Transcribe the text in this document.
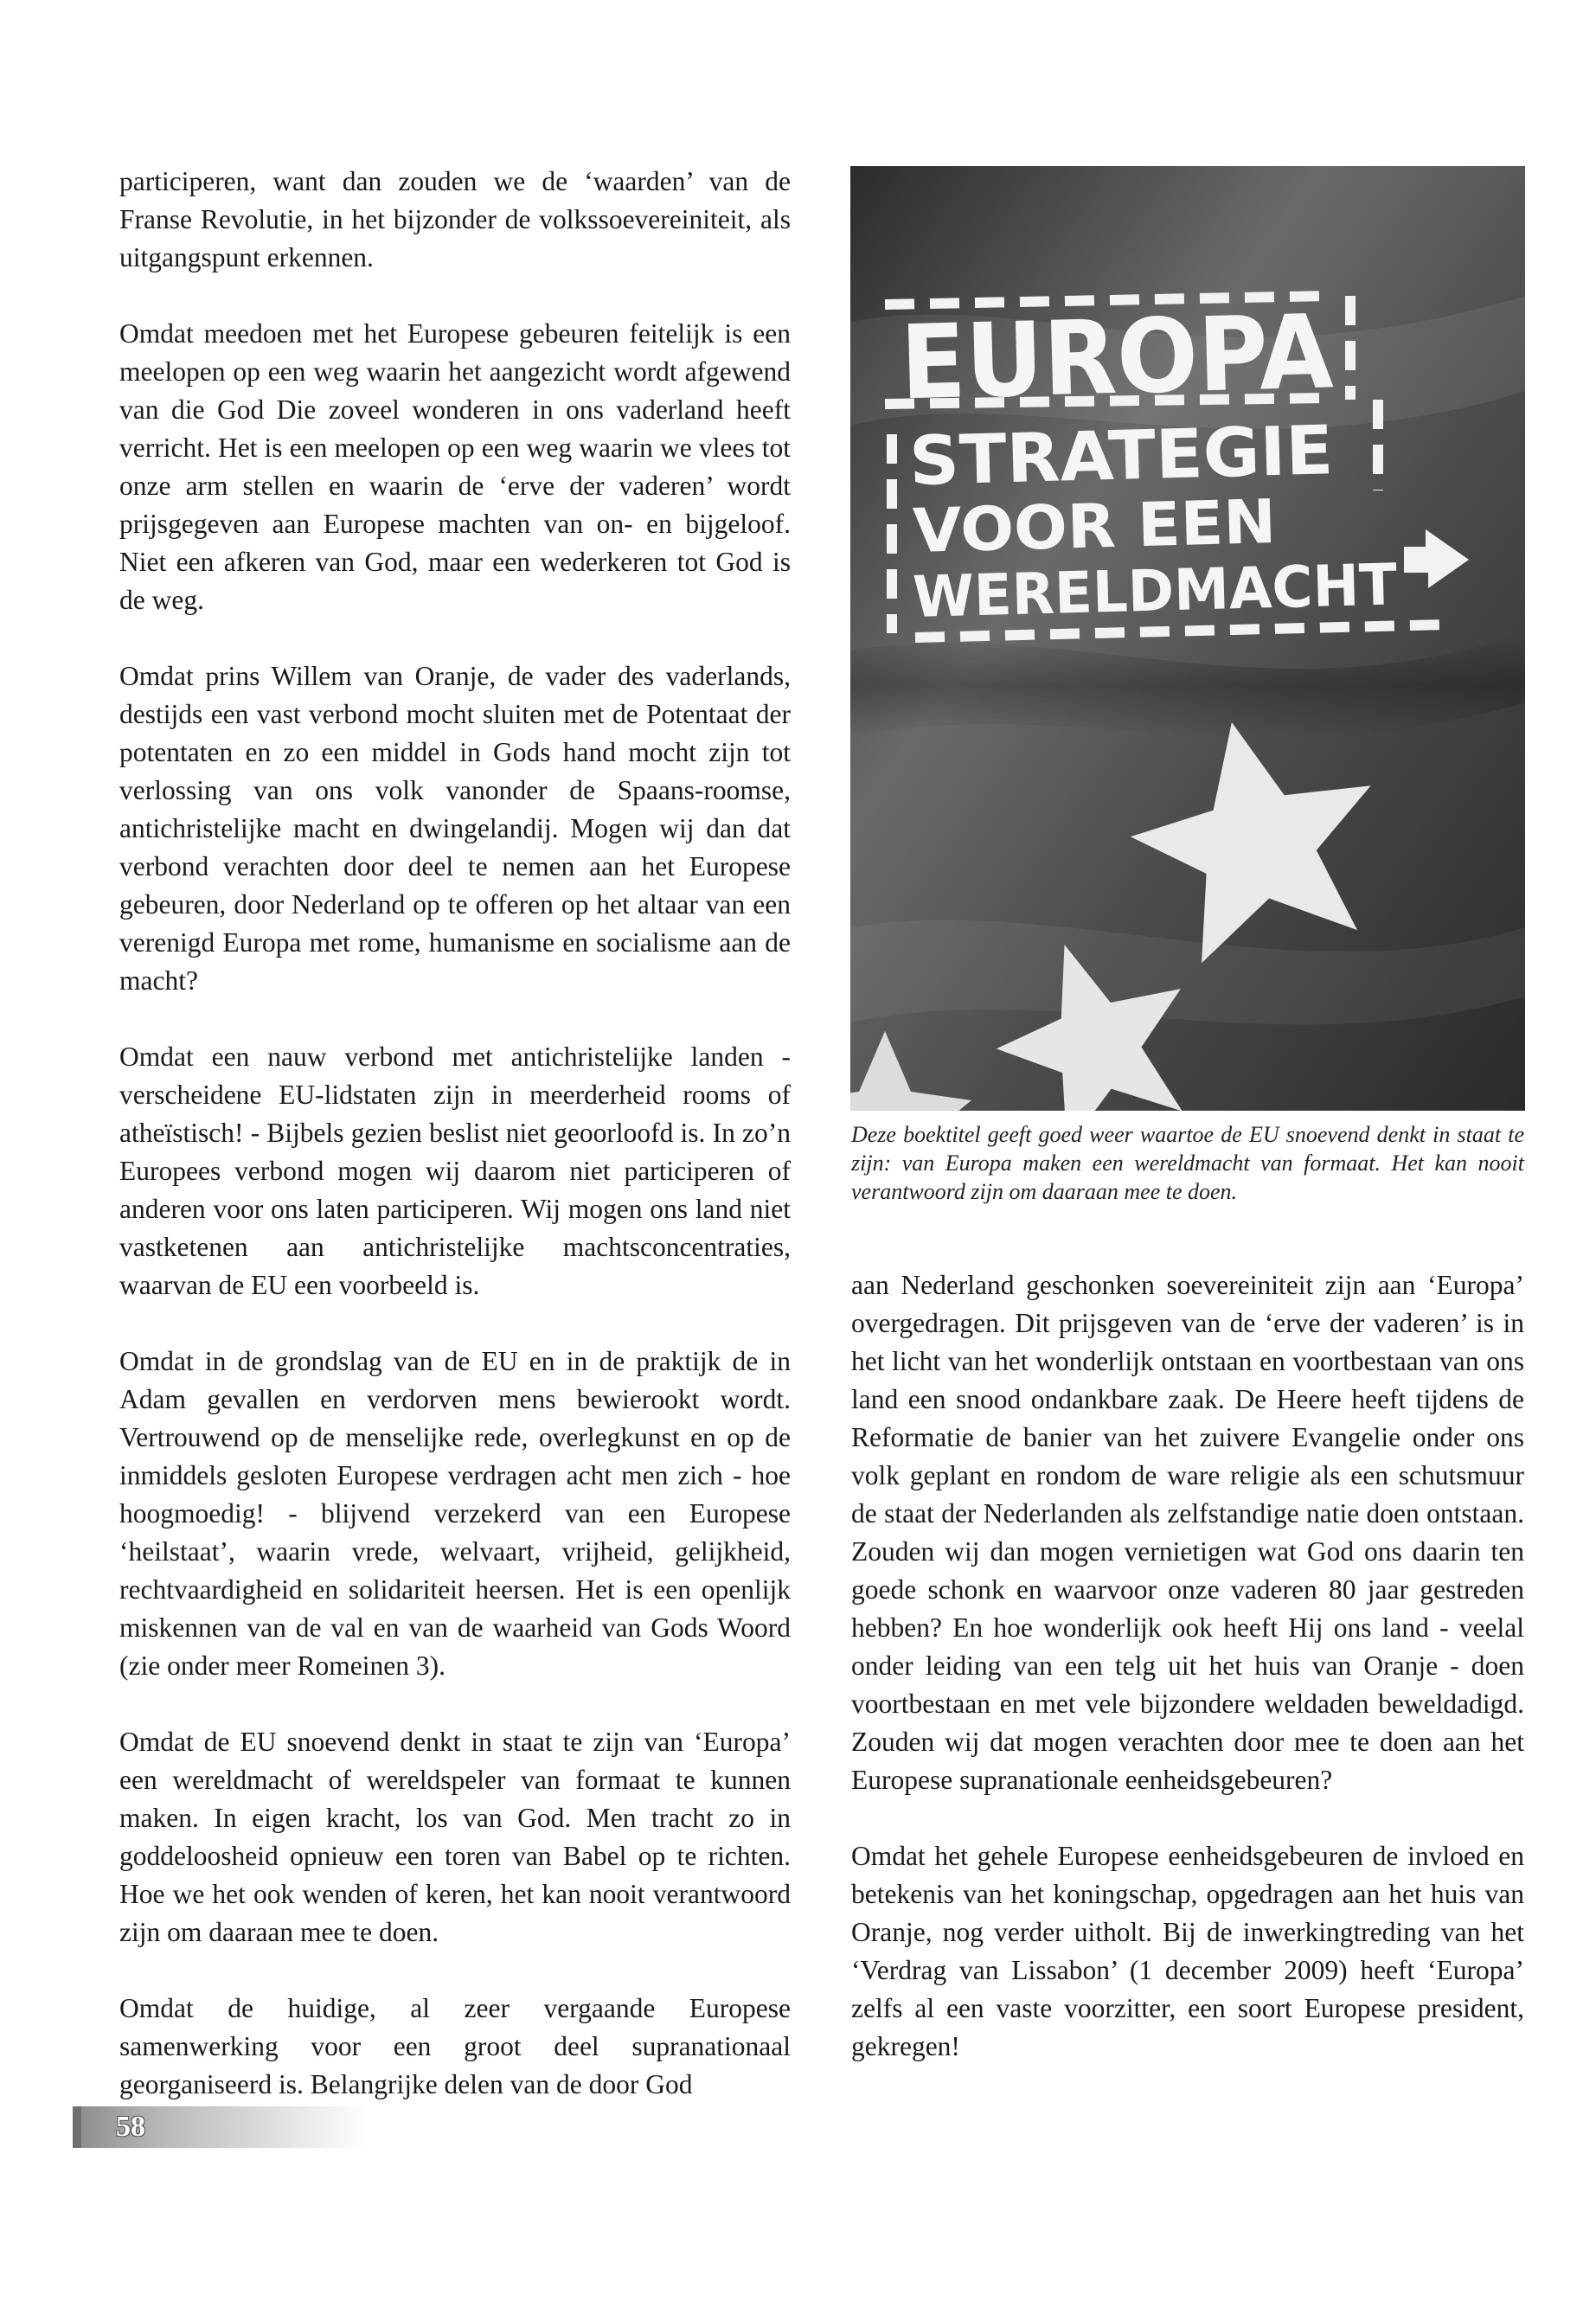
participeren, want dan zouden we de ‘waarden’ van de Franse Revolutie, in het bijzonder de volkssoevereiniteit, als uitgangspunt erkennen.

Omdat meedoen met het Europese gebeuren feitelijk is een meelopen op een weg waarin het aangezicht wordt afgewend van die God Die zoveel wonderen in ons vaderland heeft verricht. Het is een meelopen op een weg waarin we vlees tot onze arm stellen en waarin de ‘erve der vaderen’ wordt prijsgegeven aan Europese machten van on- en bijgeloof. Niet een afkeren van God, maar een wederkeren tot God is de weg.

Omdat prins Willem van Oranje, de vader des vaderlands, destijds een vast verbond mocht sluiten met de Potentaat der potentaten en zo een middel in Gods hand mocht zijn tot verlossing van ons volk vanonder de Spaans-roomse, antichristelijke macht en dwingelandij. Mogen wij dan dat verbond verachten door deel te nemen aan het Europese gebeuren, door Nederland op te offeren op het altaar van een verenigd Europa met rome, humanisme en socialisme aan de macht?

Omdat een nauw verbond met antichristelijke landen - verscheidene EU-lidstaten zijn in meerderheid rooms of atheïstisch! - Bijbels gezien beslist niet geoorloofd is. In zo’n Europees verbond mogen wij daarom niet participeren of anderen voor ons laten participeren. Wij mogen ons land niet vastketenen aan antichristelijke machtsconcentraties, waarvan de EU een voorbeeld is.

Omdat in de grondslag van de EU en in de praktijk de in Adam gevallen en verdorven mens bewierookt wordt. Vertrouwend op de menselijke rede, overlegkunst en op de inmiddels gesloten Europese verdragen acht men zich - hoe hoogmoedig! - blijvend verzekerd van een Europese ‘heilstaat’, waarin vrede, welvaart, vrijheid, gelijkheid, rechtvaardigheid en solidariteit heersen. Het is een openlijk miskennen van de val en van de waarheid van Gods Woord (zie onder meer Romeinen 3).

Omdat de EU snoevend denkt in staat te zijn van ‘Europa’ een wereldmacht of wereldspeler van formaat te kunnen maken. In eigen kracht, los van God. Men tracht zo in goddeloosheid opnieuw een toren van Babel op te richten. Hoe we het ook wenden of keren, het kan nooit verantwoord zijn om daaraan mee te doen.

Omdat de huidige, al zeer vergaande Europese samenwerking voor een groot deel supranationaal georganiseerd is. Belangrijke delen van de door God

EUROPA
STRATEGIE
VOOR EEN
WERELDMACHT
Deze boektitel geeft goed weer waartoe de EU snoevend denkt in staat te zijn: van Europa maken een wereldmacht van formaat. Het kan nooit verantwoord zijn om daaraan mee te doen.

aan Nederland geschonken soevereiniteit zijn aan ‘Europa’ overgedragen. Dit prijsgeven van de ‘erve der vaderen’ is in het licht van het wonderlijk ontstaan en voortbestaan van ons land een snood ondankbare zaak. De Heere heeft tijdens de Reformatie de banier van het zuivere Evangelie onder ons volk geplant en rondom de ware religie als een schutsmuur de staat der Nederlanden als zelfstandige natie doen ontstaan. Zouden wij dan mogen vernietigen wat God ons daarin ten goede schonk en waarvoor onze vaderen 80 jaar gestreden hebben? En hoe wonderlijk ook heeft Hij ons land - veelal onder leiding van een telg uit het huis van Oranje - doen voortbestaan en met vele bijzondere weldaden beweldadigd. Zouden wij dat mogen verachten door mee te doen aan het Europese supranationale eenheidsgebeuren?

Omdat het gehele Europese eenheidsgebeuren de invloed en betekenis van het koningschap, opgedragen aan het huis van Oranje, nog verder uitholt. Bij de inwerkingtreding van het ‘Verdrag van Lissabon’ (1 december 2009) heeft ‘Europa’ zelfs al een vaste voorzitter, een soort Europese president, gekregen!

58
